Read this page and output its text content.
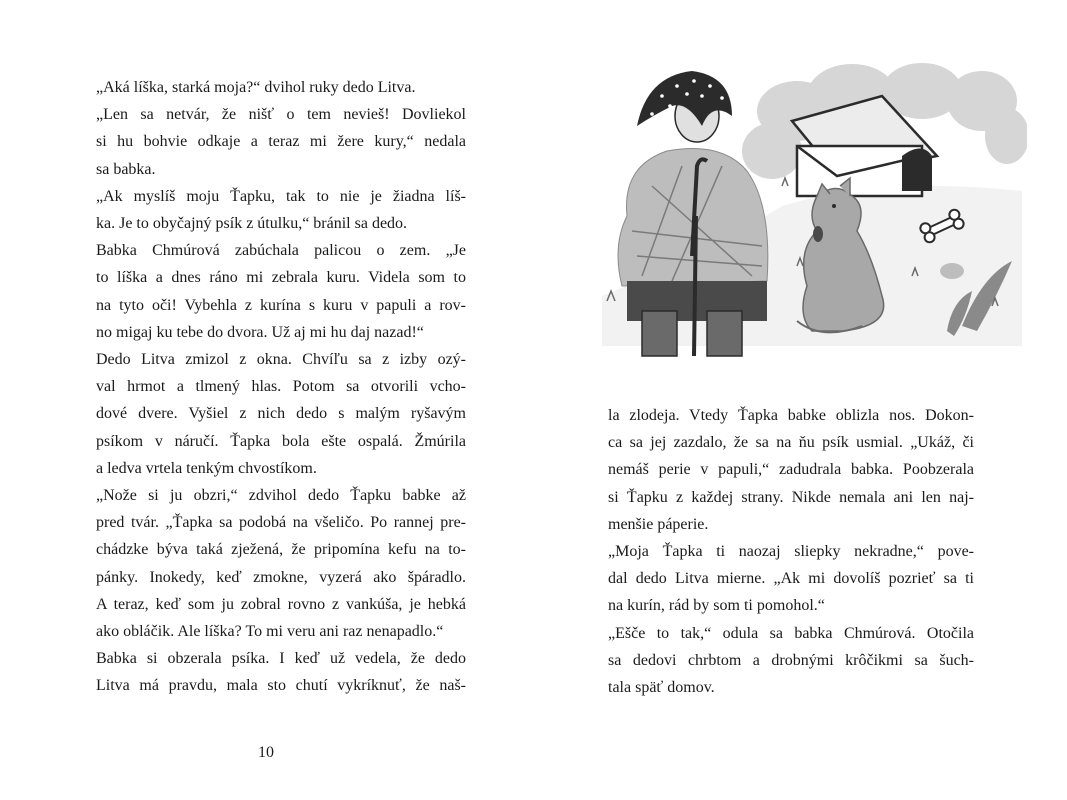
„Aká líška, starká moja?“ dvihol ruky dedo Litva.
„Len sa netvár, že nišť o tem nevieš! Dovliekol
si hu bohvie odkaje a teraz mi žere kury,“ nedala
sa babka.
„Ak myslíš moju Ťapku, tak to nie je žiadna líš-
ka. Je to obyčajný psík z útulku,“ bránil sa dedo.
Babka Chmúrová zabúchala palicou o zem. „Je
to líška a dnes ráno mi zebrala kuru. Videla som to
na tyto oči! Vybehla z kurína s kuru v papuli a rov-
no migaj ku tebe do dvora. Už aj mi hu daj nazad!“
Dedo Litva zmizol z okna. Chvíľu sa z izby ozý-
val hrmot a tlmený hlas. Potom sa otvorili vcho-
dové dvere. Vyšiel z nich dedo s malým ryšavým
psíkom v náručí. Ťapka bola ešte ospalá. Žmúrila
a ledva vrtela tenkým chvostíkom.
„Nože si ju obzri,“ zdvihol dedo Ťapku babke až
pred tvár. „Ťapka sa podobá na všeličo. Po rannej pre-
chádzke býva taká zježená, že pripomína kefu na to-
pánky. Inokedy, keď zmokne, vyzerá ako špáradlo.
A teraz, keď som ju zobral rovno z vankúša, je hebká
ako obláčik. Ale líška? To mi veru ani raz nenapadlo.“
Babka si obzerala psíka. I keď už vedela, že dedo
Litva má pravdu, mala sto chutí vykríknuť, že naš-
la zlodeja. Vtedy Ťapka babke oblizla nos. Dokon-
ca sa jej zazdalo, že sa na ňu psík usmial. „Ukáž, či
nemáš perie v papuli,“ zadudrala babka. Poobzerala
si Ťapku z každej strany. Nikde nemala ani len naj-
menšie páperie.
„Moja Ťapka ti naozaj sliepky nekradne,“ pove-
dal dedo Litva mierne. „Ak mi dovolíš pozrieť sa ti
na kurín, rád by som ti pomohol.“
„Ešče to tak,“ odula sa babka Chmúrová. Otočila
sa dedovi chrbtom a drobnými krôčikmi sa šuch-
tala späť domov.
10
